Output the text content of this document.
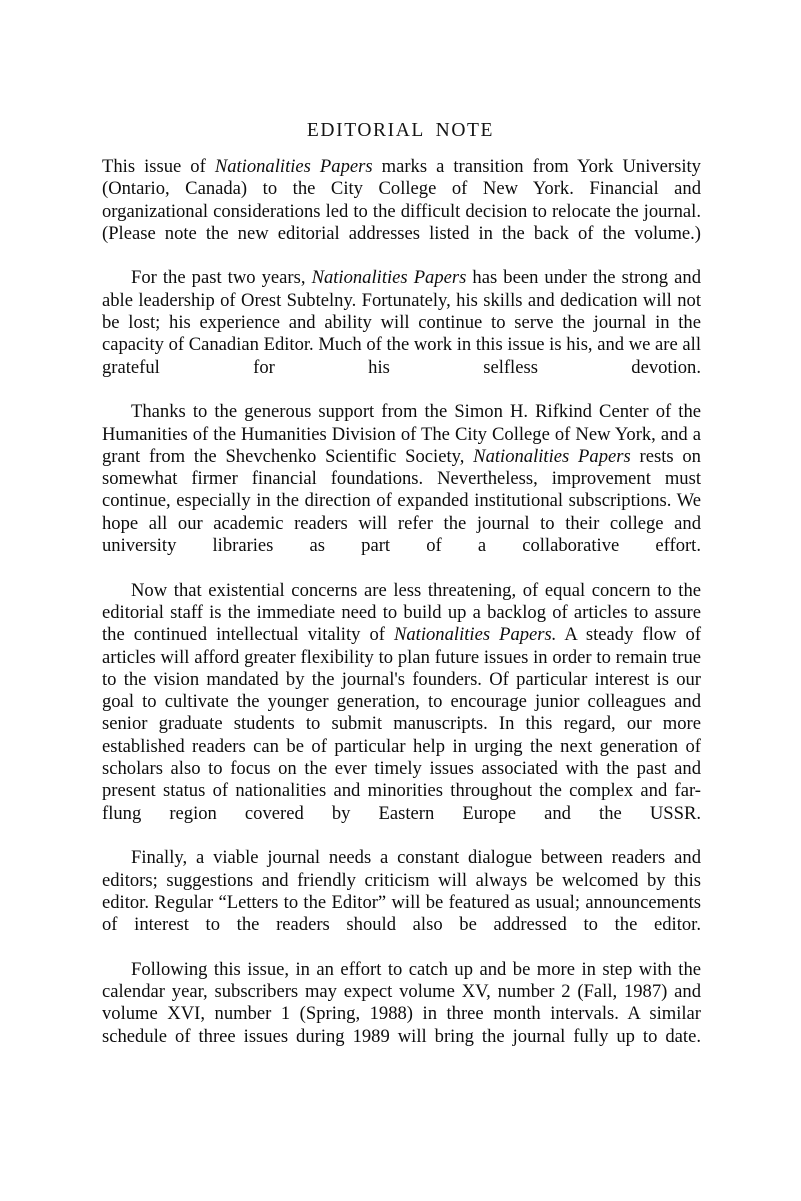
EDITORIAL NOTE

This issue of Nationalities Papers marks a transition from York University (Ontario, Canada) to the City College of New York. Financial and organizational considerations led to the difficult decision to relocate the journal. (Please note the new editorial addresses listed in the back of the volume.)

For the past two years, Nationalities Papers has been under the strong and able leadership of Orest Subtelny. Fortunately, his skills and dedication will not be lost; his experience and ability will continue to serve the journal in the capacity of Canadian Editor. Much of the work in this issue is his, and we are all grateful for his selfless devotion.

Thanks to the generous support from the Simon H. Rifkind Center of the Humanities of the Humanities Division of The City College of New York, and a grant from the Shevchenko Scientific Society, Nationalities Papers rests on somewhat firmer financial foundations. Nevertheless, improvement must continue, especially in the direction of expanded institutional subscriptions. We hope all our academic readers will refer the journal to their college and university libraries as part of a collaborative effort.

Now that existential concerns are less threatening, of equal concern to the editorial staff is the immediate need to build up a backlog of articles to assure the continued intellectual vitality of Nationalities Papers. A steady flow of articles will afford greater flexibility to plan future issues in order to remain true to the vision mandated by the journal's founders. Of particular interest is our goal to cultivate the younger generation, to encourage junior colleagues and senior graduate students to submit manuscripts. In this regard, our more established readers can be of particular help in urging the next generation of scholars also to focus on the ever timely issues associated with the past and present status of nationalities and minorities throughout the complex and far-flung region covered by Eastern Europe and the USSR.

Finally, a viable journal needs a constant dialogue between readers and editors; suggestions and friendly criticism will always be welcomed by this editor. Regular “Letters to the Editor” will be featured as usual; announcements of interest to the readers should also be addressed to the editor.

Following this issue, in an effort to catch up and be more in step with the calendar year, subscribers may expect volume XV, number 2 (Fall, 1987) and volume XVI, number 1 (Spring, 1988) in three month intervals. A similar schedule of three issues during 1989 will bring the journal fully up to date.
